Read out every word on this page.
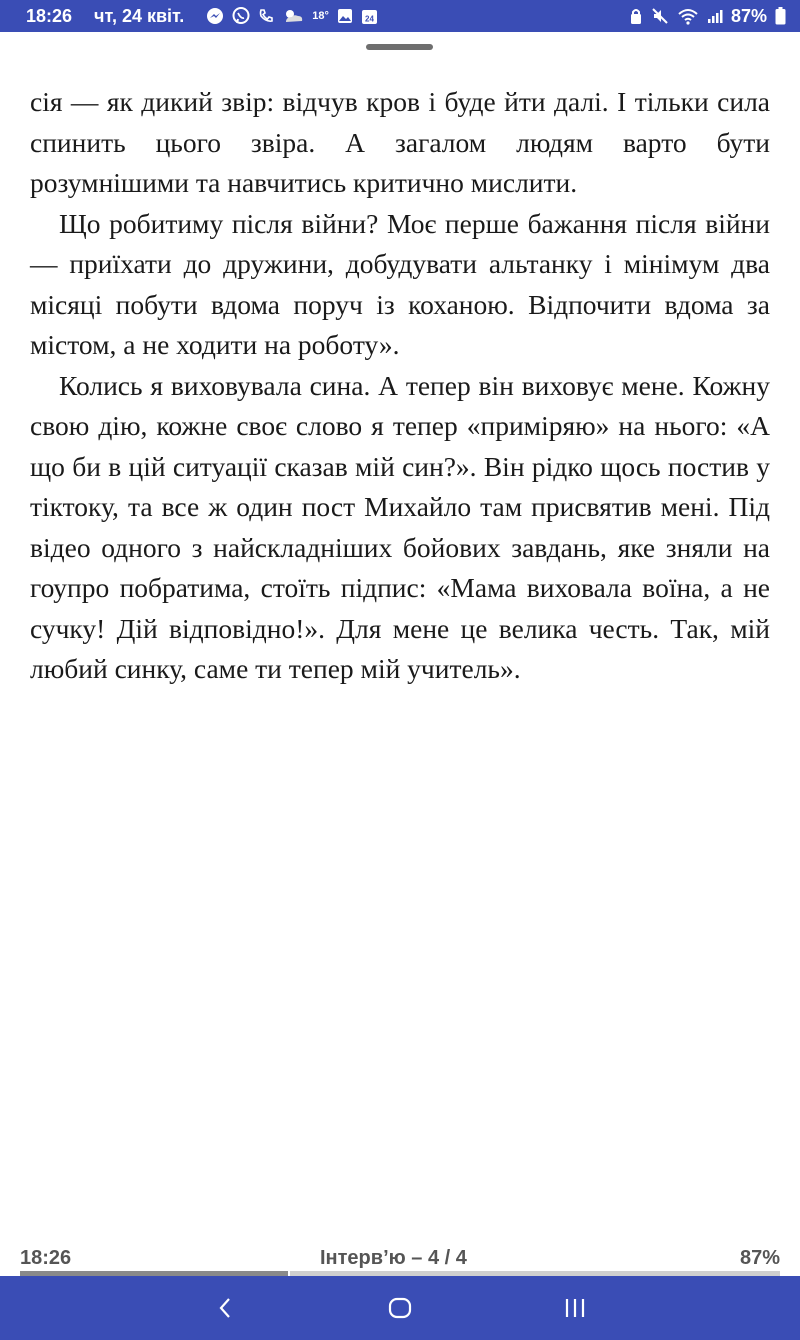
18:26 чт, 24 квіт.	18°	24	87%

сія — як дикий звір: відчув кров і буде йти далі. І тільки сила спинить цього звіра. А загалом людям варто бути розумнішими та навчитись критично мислити.

Що робитиму після війни? Моє перше бажання після війни — приїхати до дружини, добудувати альтанку і мінімум два місяці побути вдома поруч із коханою. Відпочити вдома за містом, а не ходити на роботу».

Колись я виховувала сина. А тепер він виховує мене. Кожну свою дію, кожне своє слово я тепер «приміряю» на нього: «А що би в цій ситуації сказав мій син?». Він рідко щось постив у тіктоку, та все ж один пост Михайло там присвятив мені. Під відео одного з найскладніших бойових завдань, яке зняли на гоупро побратима, стоїть підпис: «Мама виховала воїна, а не сучку! Дій відповідно!». Для мене це велика честь. Так, мій любий синку, саме ти тепер мій учитель».

18:26	Інтерв’ю – 4 / 4	87%
